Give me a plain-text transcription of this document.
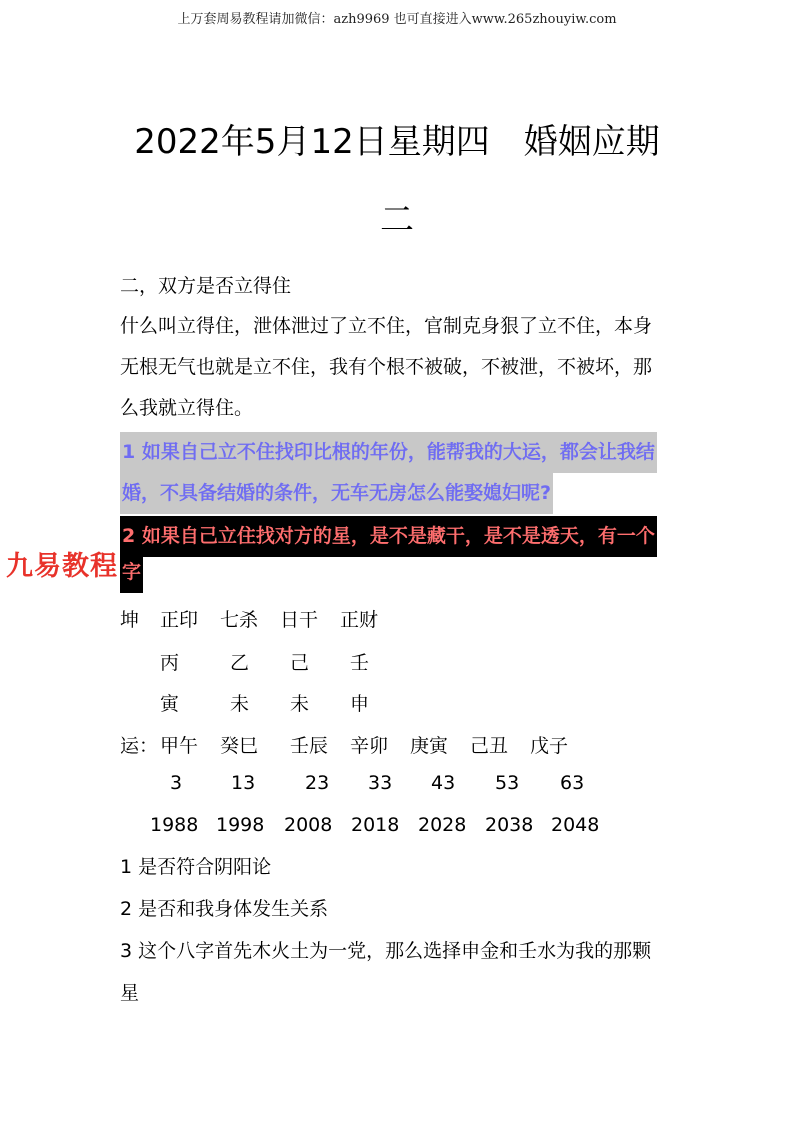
上万套周易教程请加微信：azh9969 也可直接进入www.265zhouyiw.com
2022年5月12日星期四　婚姻应期
二
二，双方是否立得住
什么叫立得住，泄体泄过了立不住，官制克身狠了立不住，本身
无根无气也就是立不住，我有个根不被破，不被泄，不被坏，那
么我就立得住。
1 如果自己立不住找印比根的年份，能帮我的大运，都会让我结
婚，不具备结婚的条件，无车无房怎么能娶媳妇呢?
2 如果自己立住找对方的星，是不是藏干，是不是透天，有一个
字
九易教程
坤 正印 七杀 日干 正财
丙	乙 己 壬
寅	未 未 申
运： 甲午 癸巳 壬辰 辛卯 庚寅 己丑 戊子
3	13	23 33 43 53 63
1988 1998 2008 2018 2028 2038 2048
1 是否符合阴阳论
2 是否和我身体发生关系
3 这个八字首先木火土为一党，那么选择申金和壬水为我的那颗
星
